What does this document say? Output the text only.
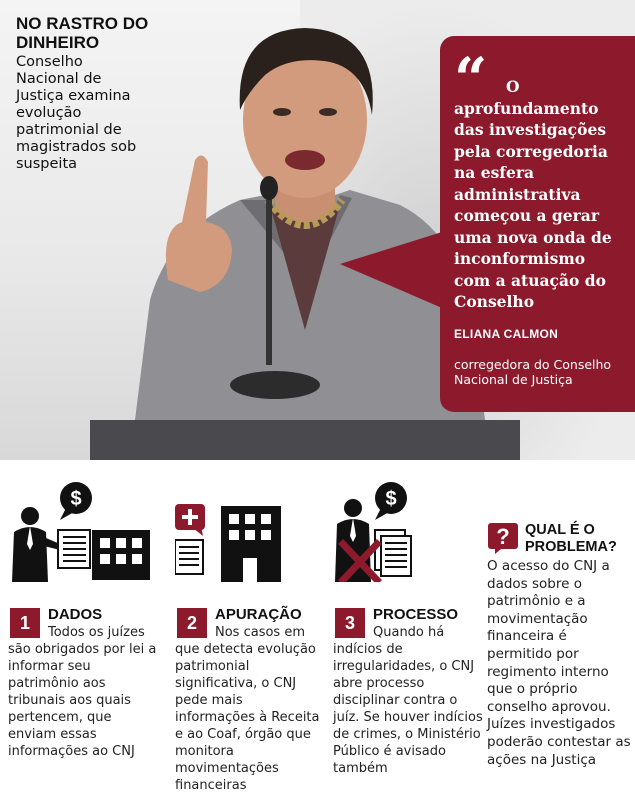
NO RASTRO DO DINHEIRO
Conselho Nacional de Justiça examina evolução patrimonial de magistrados sob suspeita
“	O aprofundamento das investigações pela corregedoria na esfera administrativa começou a gerar uma nova onda de inconformismo com a atuação do Conselho
ELIANA CALMON
corregedora do Conselho Nacional de Justiça
$
1	DADOS
Todos os juízes são obrigados por lei a informar seu patrimônio aos tribunais aos quais pertencem, que enviam essas informações ao CNJ
2	APURAÇÃO
Nos casos em que detecta evolução patrimonial significativa, o CNJ pede mais informações à Receita e ao Coaf, órgão que monitora movimentações financeiras
$
3	PROCESSO
Quando há indícios de irregularidades, o CNJ abre processo disciplinar contra o juíz. Se houver indícios de crimes, o Ministério Público é avisado também
? QUAL É O PROBLEMA?
O acesso do CNJ a dados sobre o patrimônio e a movimentação financeira é permitido por regimento interno que o próprio conselho aprovou. Juízes investigados poderão contestar as ações na Justiça
